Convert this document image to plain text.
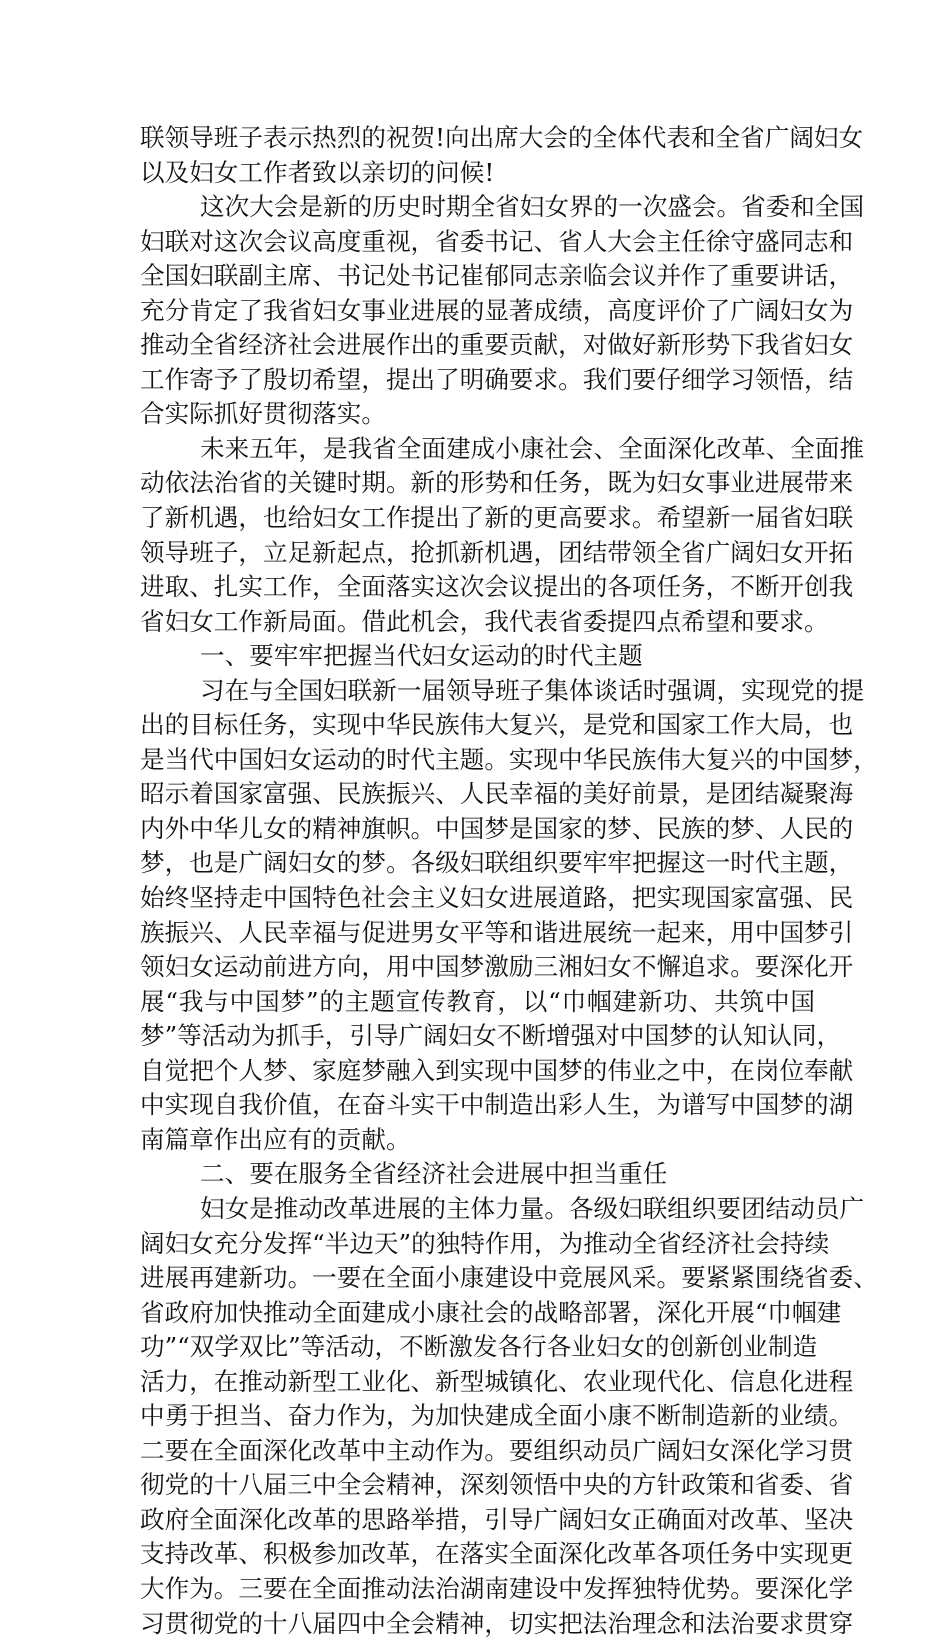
联领导班子表示热烈的祝贺!向出席大会的全体代表和全省广阔妇女
以及妇女工作者致以亲切的问候!
这次大会是新的历史时期全省妇女界的一次盛会。省委和全国
妇联对这次会议高度重视，省委书记、省人大会主任徐守盛同志和
全国妇联副主席、书记处书记崔郁同志亲临会议并作了重要讲话，
充分肯定了我省妇女事业进展的显著成绩，高度评价了广阔妇女为
推动全省经济社会进展作出的重要贡献，对做好新形势下我省妇女
工作寄予了殷切希望，提出了明确要求。我们要仔细学习领悟，结
合实际抓好贯彻落实。
未来五年，是我省全面建成小康社会、全面深化改革、全面推
动依法治省的关键时期。新的形势和任务，既为妇女事业进展带来
了新机遇，也给妇女工作提出了新的更高要求。希望新一届省妇联
领导班子，立足新起点，抢抓新机遇，团结带领全省广阔妇女开拓
进取、扎实工作，全面落实这次会议提出的各项任务，不断开创我
省妇女工作新局面。借此机会，我代表省委提四点希望和要求。
一、要牢牢把握当代妇女运动的时代主题
习在与全国妇联新一届领导班子集体谈话时强调，实现党的提
出的目标任务，实现中华民族伟大复兴，是党和国家工作大局，也
是当代中国妇女运动的时代主题。实现中华民族伟大复兴的中国梦，
昭示着国家富强、民族振兴、人民幸福的美好前景，是团结凝聚海
内外中华儿女的精神旗帜。中国梦是国家的梦、民族的梦、人民的
梦，也是广阔妇女的梦。各级妇联组织要牢牢把握这一时代主题，
始终坚持走中国特色社会主义妇女进展道路，把实现国家富强、民
族振兴、人民幸福与促进男女平等和谐进展统一起来，用中国梦引
领妇女运动前进方向，用中国梦激励三湘妇女不懈追求。要深化开
展“我与中国梦”的主题宣传教育，以“巾帼建新功、共筑中国
梦”等活动为抓手，引导广阔妇女不断增强对中国梦的认知认同，
自觉把个人梦、家庭梦融入到实现中国梦的伟业之中，在岗位奉献
中实现自我价值，在奋斗实干中制造出彩人生，为谱写中国梦的湖
南篇章作出应有的贡献。
二、要在服务全省经济社会进展中担当重任
妇女是推动改革进展的主体力量。各级妇联组织要团结动员广
阔妇女充分发挥“半边天”的独特作用，为推动全省经济社会持续
进展再建新功。一要在全面小康建设中竞展风采。要紧紧围绕省委、
省政府加快推动全面建成小康社会的战略部署，深化开展“巾帼建
功”“双学双比”等活动，不断激发各行各业妇女的创新创业制造
活力，在推动新型工业化、新型城镇化、农业现代化、信息化进程
中勇于担当、奋力作为，为加快建成全面小康不断制造新的业绩。
二要在全面深化改革中主动作为。要组织动员广阔妇女深化学习贯
彻党的十八届三中全会精神，深刻领悟中央的方针政策和省委、省
政府全面深化改革的思路举措，引导广阔妇女正确面对改革、坚决
支持改革、积极参加改革，在落实全面深化改革各项任务中实现更
大作为。三要在全面推动法治湖南建设中发挥独特优势。要深化学
习贯彻党的十八届四中全会精神，切实把法治理念和法治要求贯穿
